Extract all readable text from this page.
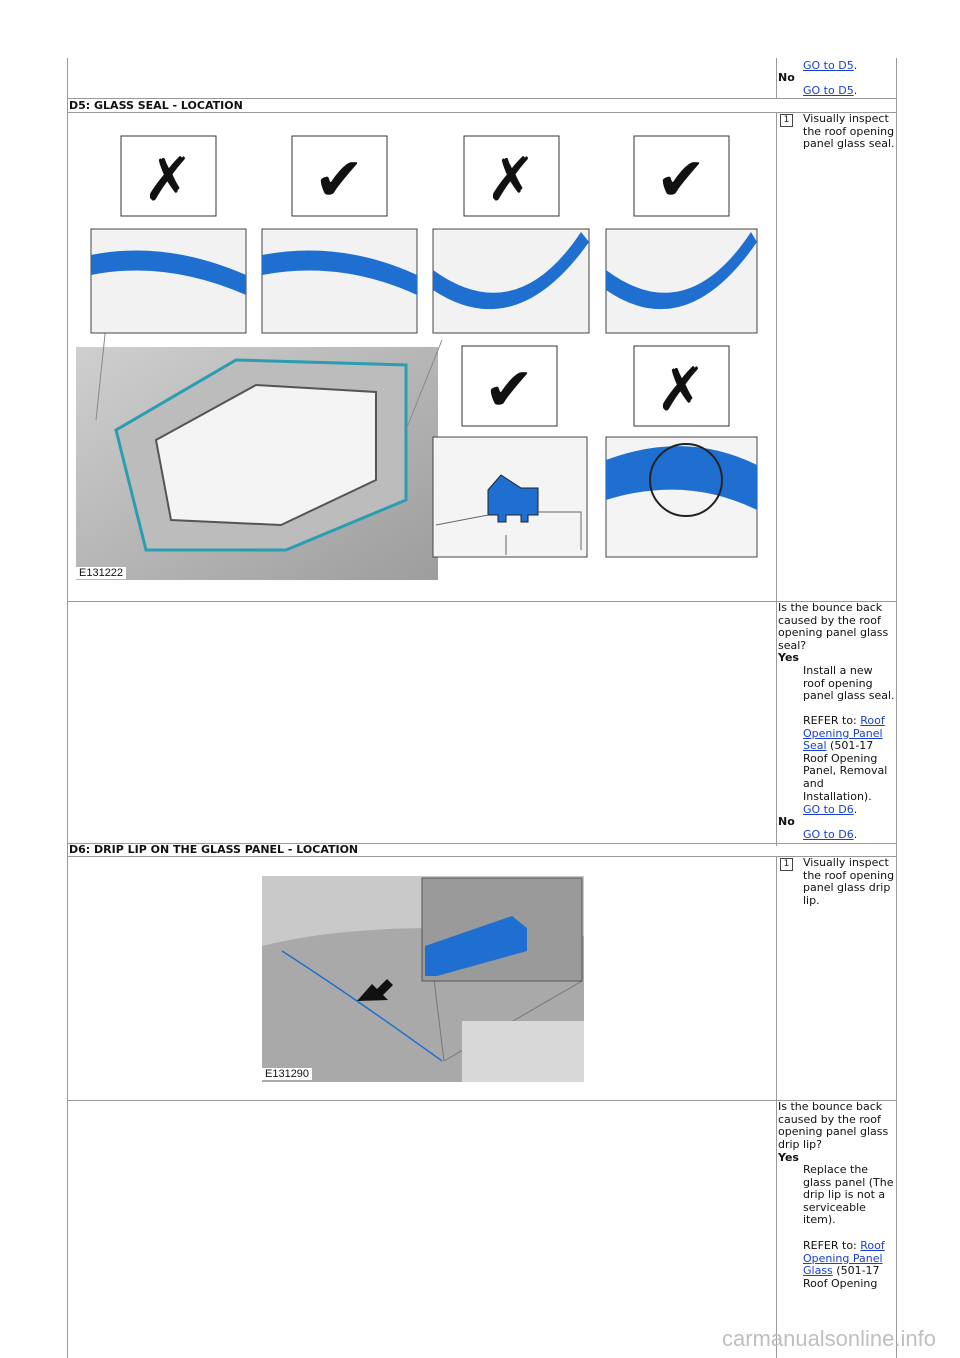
GO to D5.
No
GO to D5.
D5: GLASS SEAL - LOCATION
✗ ✔ ✗ ✔
✔ ✗
E131222
1	Visually inspect the roof opening panel glass seal.
Is the bounce back caused by the roof opening panel glass seal?
Yes
Install a new roof opening panel glass seal.
REFER to: Roof Opening Panel Seal (501-17 Roof Opening Panel, Removal and Installation).
GO to D6.
No
GO to D6.
D6: DRIP LIP ON THE GLASS PANEL - LOCATION
E131290
1	Visually inspect the roof opening panel glass drip lip.
Is the bounce back caused by the roof opening panel glass drip lip?
Yes
Replace the glass panel (The drip lip is not a serviceable item).
REFER to: Roof Opening Panel Glass (501-17 Roof Opening
carmanualsonline.info
